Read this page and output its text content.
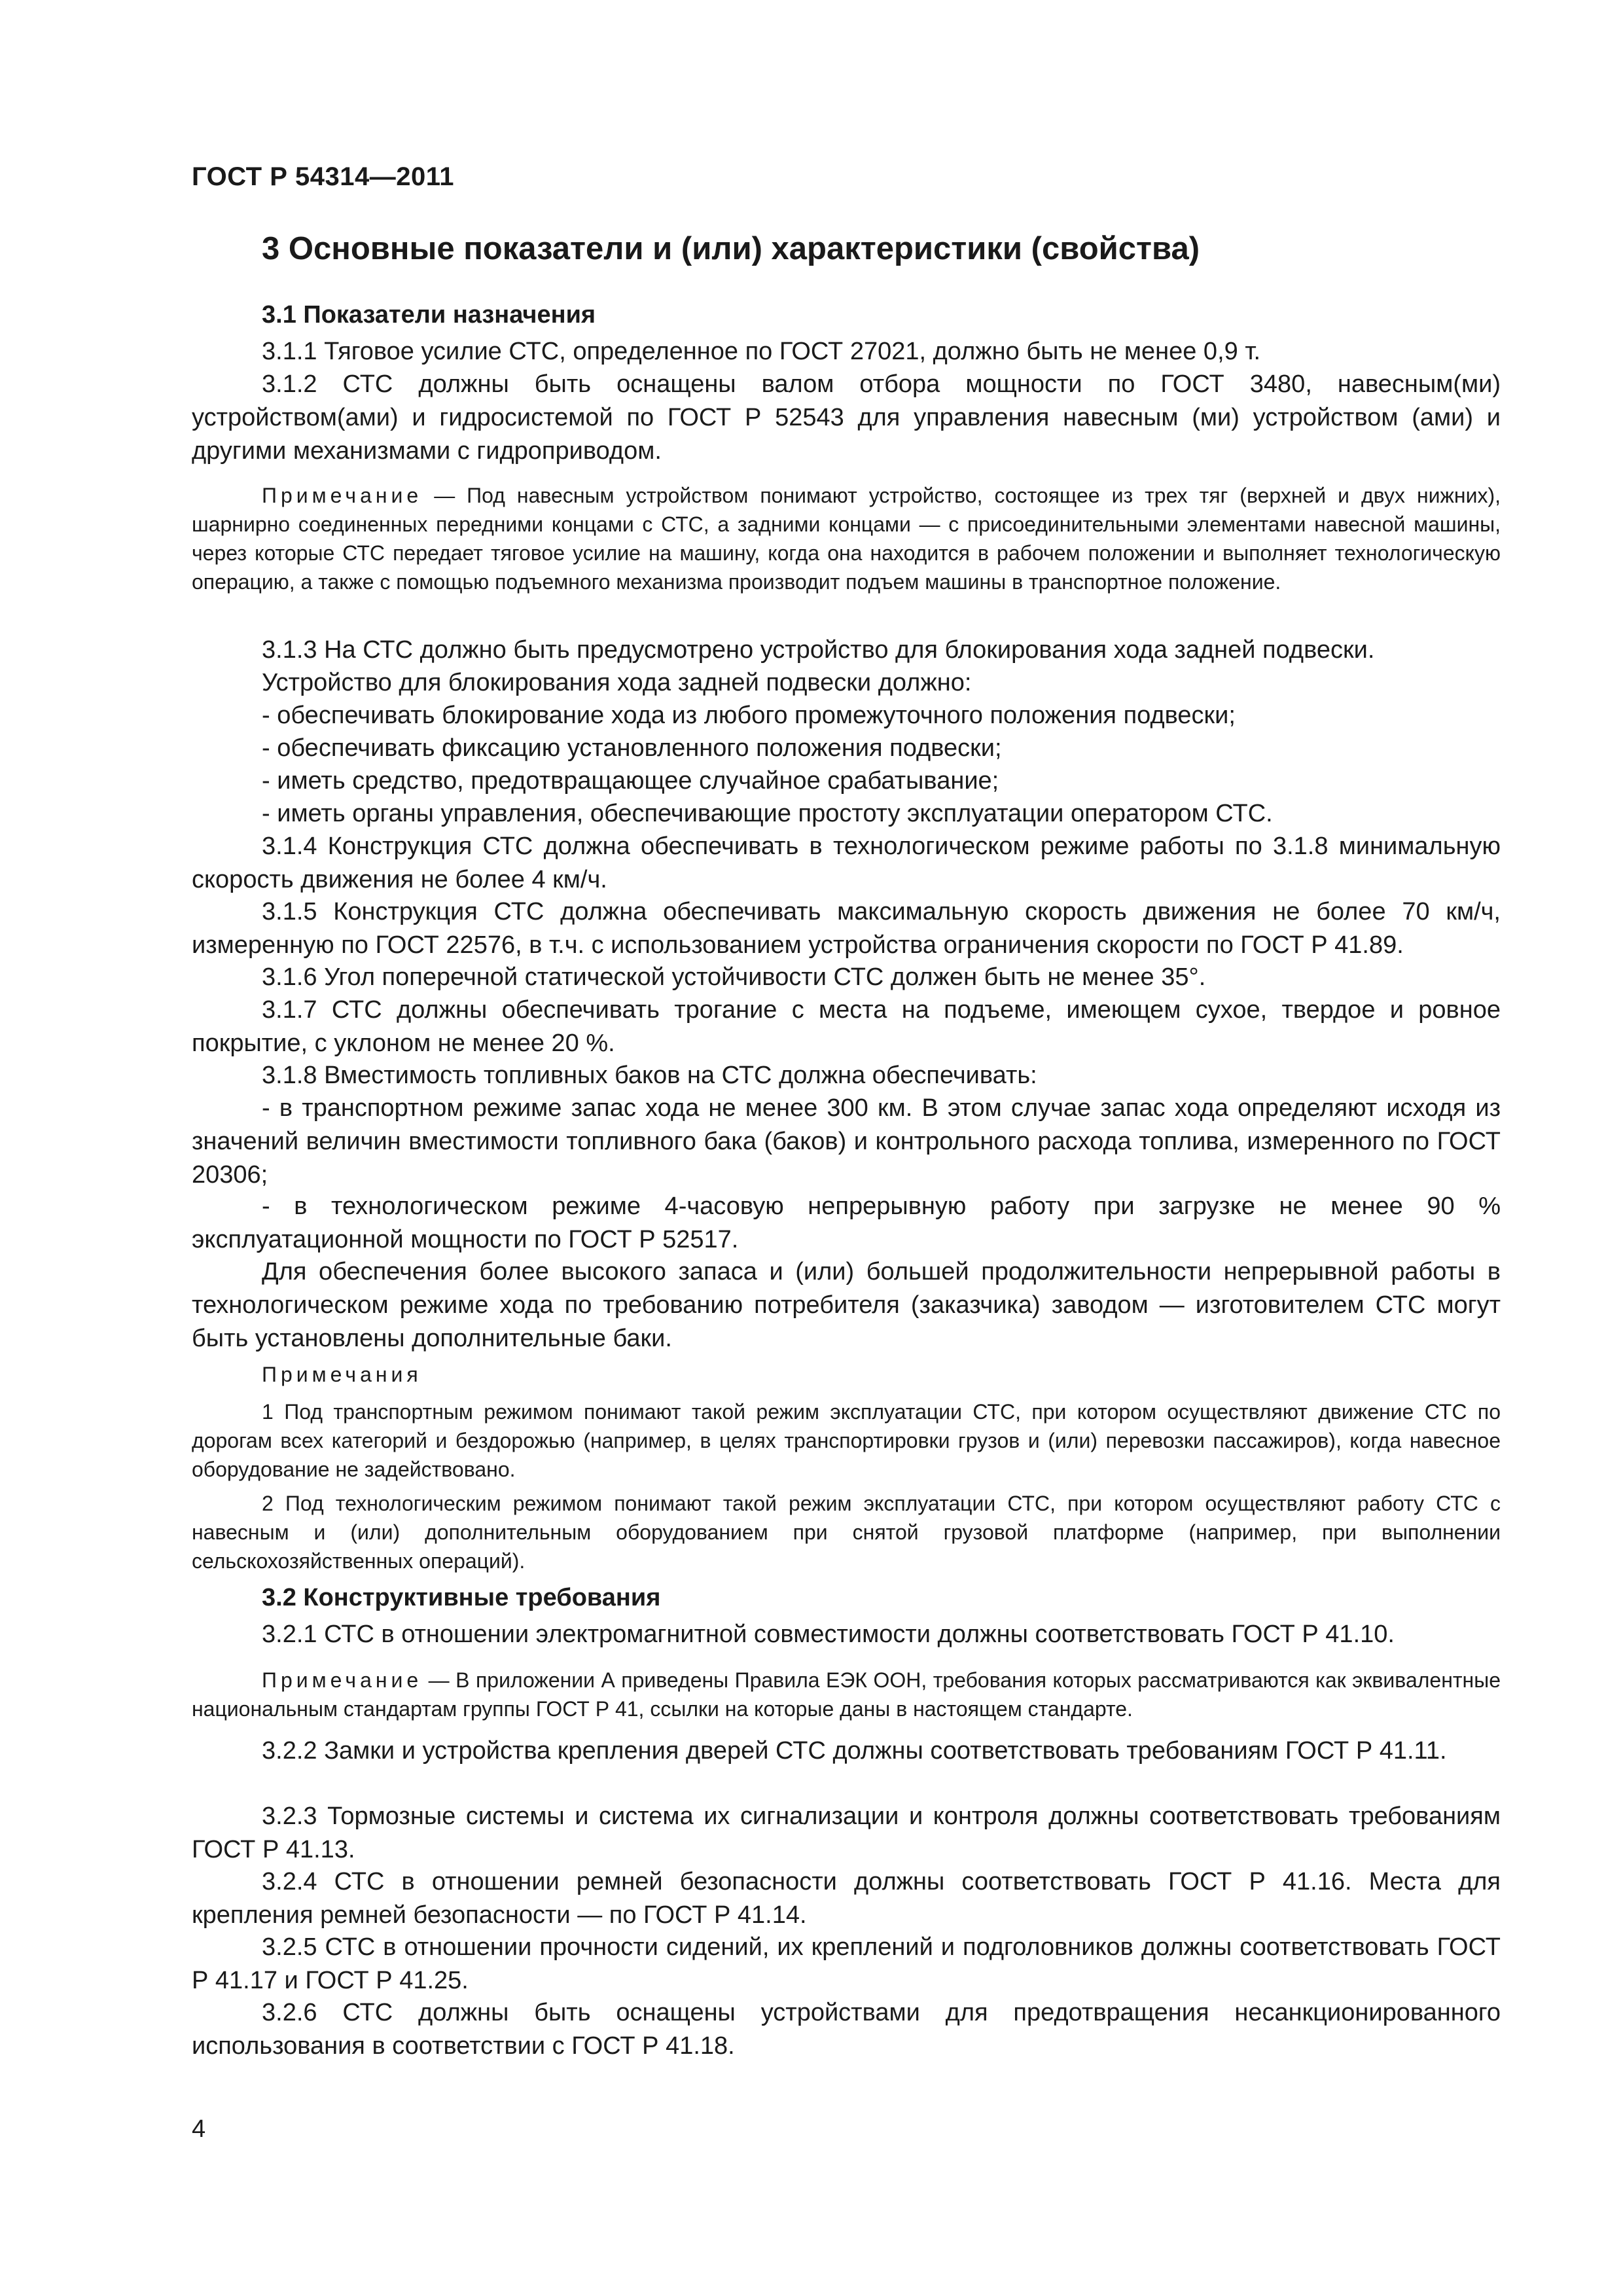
ГОСТ Р 54314—2011
3 Основные показатели и (или) характеристики (свойства)
3.1 Показатели назначения
3.1.1 Тяговое усилие СТС, определенное по ГОСТ 27021, должно быть не менее 0,9 т.
3.1.2 СТС должны быть оснащены валом отбора мощности по ГОСТ 3480, навесным(ми) устройством(ами) и гидросистемой по ГОСТ Р 52543 для управления навесным (ми) устройством (ами) и другими механизмами с гидроприводом.
Примечание — Под навесным устройством понимают устройство, состоящее из трех тяг (верхней и двух нижних), шарнирно соединенных передними концами с СТС, а задними концами — с присоединительными элементами навесной машины, через которые СТС передает тяговое усилие на машину, когда она находится в рабочем положении и выполняет технологическую операцию, а также с помощью подъемного механизма производит подъем машины в транспортное положение.
3.1.3 На СТС должно быть предусмотрено устройство для блокирования хода задней подвески.
Устройство для блокирования хода задней подвески должно:
- обеспечивать блокирование хода из любого промежуточного положения подвески;
- обеспечивать фиксацию установленного положения подвески;
- иметь средство, предотвращающее случайное срабатывание;
- иметь органы управления, обеспечивающие простоту эксплуатации оператором СТС.
3.1.4 Конструкция СТС должна обеспечивать в технологическом режиме работы по 3.1.8 минимальную скорость движения не более 4 км/ч.
3.1.5 Конструкция СТС должна обеспечивать максимальную скорость движения не более 70 км/ч, измеренную по ГОСТ 22576, в т.ч. с использованием устройства ограничения скорости по ГОСТ Р 41.89.
3.1.6 Угол поперечной статической устойчивости СТС должен быть не менее 35°.
3.1.7 СТС должны обеспечивать трогание с места на подъеме, имеющем сухое, твердое и ровное покрытие, с уклоном не менее 20 %.
3.1.8 Вместимость топливных баков на СТС должна обеспечивать:
- в транспортном режиме запас хода не менее 300 км. В этом случае запас хода определяют исходя из значений величин вместимости топливного бака (баков) и контрольного расхода топлива, измеренного по ГОСТ 20306;
- в технологическом режиме 4-часовую непрерывную работу при загрузке не менее 90 % эксплуатационной мощности по ГОСТ Р 52517.
Для обеспечения более высокого запаса и (или) большей продолжительности непрерывной работы в технологическом режиме хода по требованию потребителя (заказчика) заводом — изготовителем СТС могут быть установлены дополнительные баки.
Примечания
1 Под транспортным режимом понимают такой режим эксплуатации СТС, при котором осуществляют движение СТС по дорогам всех категорий и бездорожью (например, в целях транспортировки грузов и (или) перевозки пассажиров), когда навесное оборудование не задействовано.
2 Под технологическим режимом понимают такой режим эксплуатации СТС, при котором осуществляют работу СТС с навесным и (или) дополнительным оборудованием при снятой грузовой платформе (например, при выполнении сельскохозяйственных операций).
3.2 Конструктивные требования
3.2.1 СТС в отношении электромагнитной совместимости должны соответствовать ГОСТ Р 41.10.
Примечание — В приложении А приведены Правила ЕЭК ООН, требования которых рассматриваются как эквивалентные национальным стандартам группы ГОСТ Р 41, ссылки на которые даны в настоящем стандарте.
3.2.2 Замки и устройства крепления дверей СТС должны соответствовать требованиям ГОСТ Р 41.11.
3.2.3 Тормозные системы и система их сигнализации и контроля должны соответствовать требованиям ГОСТ Р 41.13.
3.2.4 СТС в отношении ремней безопасности должны соответствовать ГОСТ Р 41.16. Места для крепления ремней безопасности — по ГОСТ Р 41.14.
3.2.5 СТС в отношении прочности сидений, их креплений и подголовников должны соответствовать ГОСТ Р 41.17 и ГОСТ Р 41.25.
3.2.6 СТС должны быть оснащены устройствами для предотвращения несанкционированного использования в соответствии с ГОСТ Р 41.18.
4
